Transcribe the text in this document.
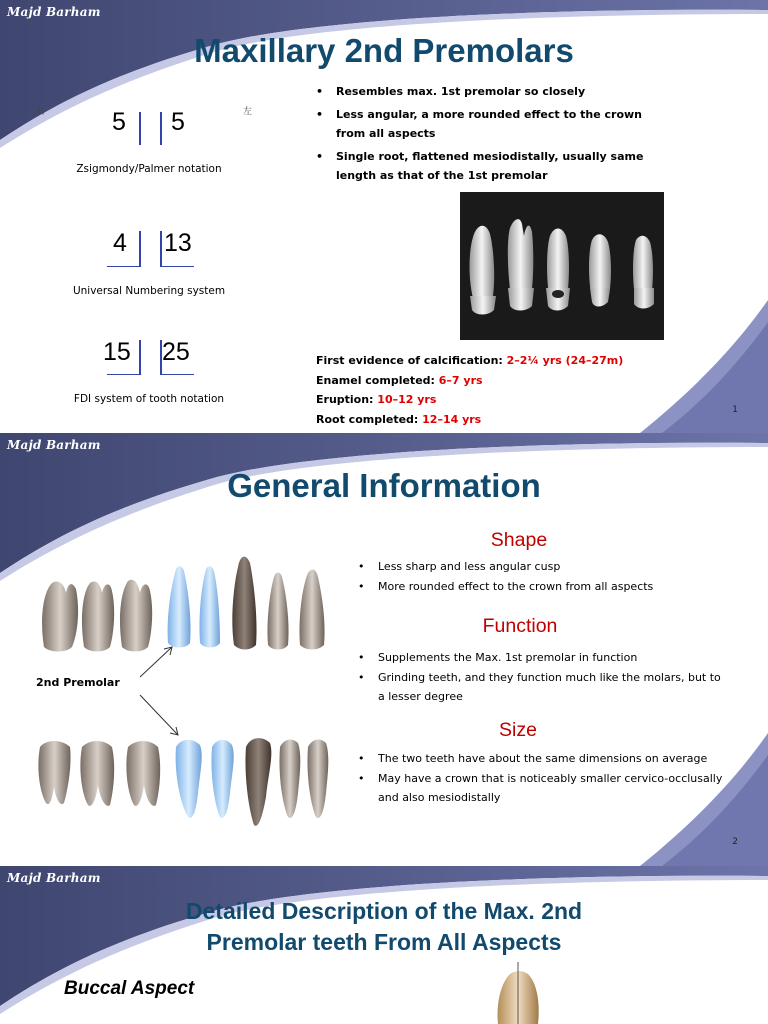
Majd Barham
Maxillary 2nd Premolars
右	左
5 5
Zsigmondy/Palmer notation
4 13
Universal Numbering system
15 25
FDI system of tooth notation
• Resembles max. 1st premolar so closely
• Less angular, a more rounded effect to the crown from all aspects
• Single root, flattened mesiodistally, usually same length as that of the 1st premolar
First evidence of calcification: 2–2¼ yrs (24–27m)
Enamel completed: 6–7 yrs
Eruption: 10–12 yrs
Root completed: 12–14 yrs
1
Majd Barham
General Information
2nd Premolar
Shape
• Less sharp and less angular cusp
• More rounded effect to the crown from all aspects
Function
• Supplements the Max. 1st premolar in function
• Grinding teeth, and they function much like the molars, but to a lesser degree
Size
• The two teeth have about the same dimensions on average
• May have a crown that is noticeably smaller cervico-occlusally and also mesiodistally
2
Majd Barham
Detailed Description of the Max. 2nd
Premolar teeth From All Aspects
Buccal Aspect
